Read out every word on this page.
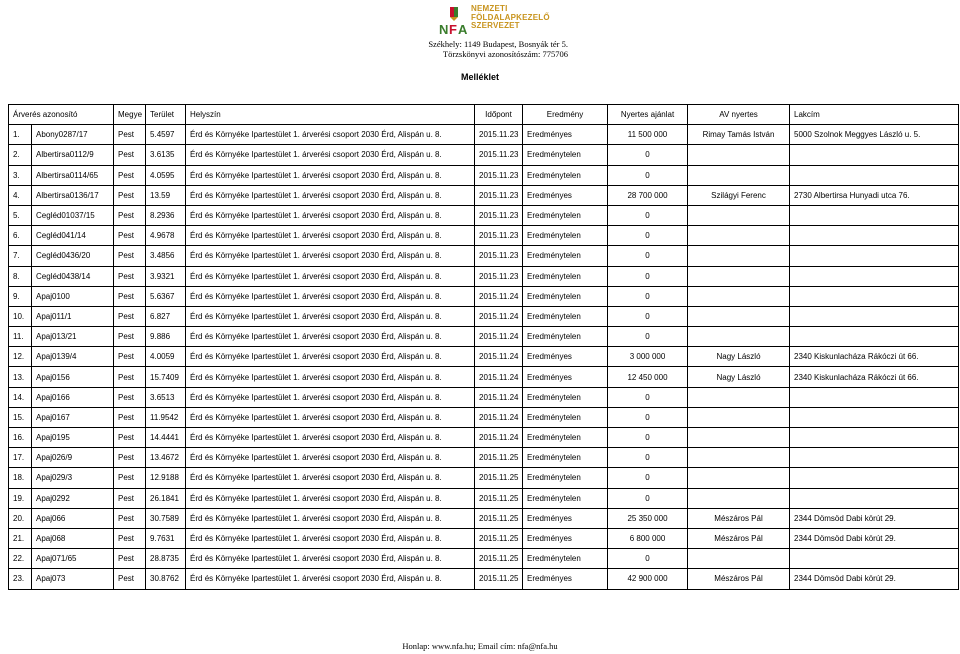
N F A
NEMZETI
FÖLDALAPKEZELŐ
SZERVEZET
Székhely: 1149 Budapest, Bosnyák tér 5.
Törzskönyvi azonosítószám: 775706
Melléklet
Árverés azonosító		Megye	Terület	Helyszín	Időpont	Eredmény	Nyertes ajánlat	AV nyertes	Lakcím
1.	Abony0287/17	Pest	5.4597	Érd és Környéke Ipartestület 1. árverési csoport 2030 Érd, Alispán u. 8.	2015.11.23	Eredményes	11 500 000	Rimay Tamás István	5000 Szolnok Meggyes László u. 5.
2.	Albertirsa0112/9	Pest	3.6135	Érd és Környéke Ipartestület 1. árverési csoport 2030 Érd, Alispán u. 8.	2015.11.23	Eredménytelen	0		
3.	Albertirsa0114/65	Pest	4.0595	Érd és Környéke Ipartestület 1. árverési csoport 2030 Érd, Alispán u. 8.	2015.11.23	Eredménytelen	0		
4.	Albertirsa0136/17	Pest	13.59	Érd és Környéke Ipartestület 1. árverési csoport 2030 Érd, Alispán u. 8.	2015.11.23	Eredményes	28 700 000	Szilágyi Ferenc	2730 Albertirsa Hunyadi utca 76.
5.	Cegléd01037/15	Pest	8.2936	Érd és Környéke Ipartestület 1. árverési csoport 2030 Érd, Alispán u. 8.	2015.11.23	Eredménytelen	0		
6.	Cegléd041/14	Pest	4.9678	Érd és Környéke Ipartestület 1. árverési csoport 2030 Érd, Alispán u. 8.	2015.11.23	Eredménytelen	0		
7.	Cegléd0436/20	Pest	3.4856	Érd és Környéke Ipartestület 1. árverési csoport 2030 Érd, Alispán u. 8.	2015.11.23	Eredménytelen	0		
8.	Cegléd0438/14	Pest	3.9321	Érd és Környéke Ipartestület 1. árverési csoport 2030 Érd, Alispán u. 8.	2015.11.23	Eredménytelen	0		
9.	Apaj0100	Pest	5.6367	Érd és Környéke Ipartestület 1. árverési csoport 2030 Érd, Alispán u. 8.	2015.11.24	Eredménytelen	0		
10.	Apaj011/1	Pest	6.827	Érd és Környéke Ipartestület 1. árverési csoport 2030 Érd, Alispán u. 8.	2015.11.24	Eredménytelen	0		
11.	Apaj013/21	Pest	9.886	Érd és Környéke Ipartestület 1. árverési csoport 2030 Érd, Alispán u. 8.	2015.11.24	Eredménytelen	0		
12.	Apaj0139/4	Pest	4.0059	Érd és Környéke Ipartestület 1. árverési csoport 2030 Érd, Alispán u. 8.	2015.11.24	Eredményes	3 000 000	Nagy László	2340 Kiskunlacháza Rákóczi út 66.
13.	Apaj0156	Pest	15.7409	Érd és Környéke Ipartestület 1. árverési csoport 2030 Érd, Alispán u. 8.	2015.11.24	Eredményes	12 450 000	Nagy László	2340 Kiskunlacháza Rákóczi út 66.
14.	Apaj0166	Pest	3.6513	Érd és Környéke Ipartestület 1. árverési csoport 2030 Érd, Alispán u. 8.	2015.11.24	Eredménytelen	0		
15.	Apaj0167	Pest	11.9542	Érd és Környéke Ipartestület 1. árverési csoport 2030 Érd, Alispán u. 8.	2015.11.24	Eredménytelen	0		
16.	Apaj0195	Pest	14.4441	Érd és Környéke Ipartestület 1. árverési csoport 2030 Érd, Alispán u. 8.	2015.11.24	Eredménytelen	0		
17.	Apaj026/9	Pest	13.4672	Érd és Környéke Ipartestület 1. árverési csoport 2030 Érd, Alispán u. 8.	2015.11.25	Eredménytelen	0		
18.	Apaj029/3	Pest	12.9188	Érd és Környéke Ipartestület 1. árverési csoport 2030 Érd, Alispán u. 8.	2015.11.25	Eredménytelen	0		
19.	Apaj0292	Pest	26.1841	Érd és Környéke Ipartestület 1. árverési csoport 2030 Érd, Alispán u. 8.	2015.11.25	Eredménytelen	0		
20.	Apaj066	Pest	30.7589	Érd és Környéke Ipartestület 1. árverési csoport 2030 Érd, Alispán u. 8.	2015.11.25	Eredményes	25 350 000	Mészáros Pál	2344 Dömsöd Dabi körút 29.
21.	Apaj068	Pest	9.7631	Érd és Környéke Ipartestület 1. árverési csoport 2030 Érd, Alispán u. 8.	2015.11.25	Eredményes	6 800 000	Mészáros Pál	2344 Dömsöd Dabi körút 29.
22.	Apaj071/65	Pest	28.8735	Érd és Környéke Ipartestület 1. árverési csoport 2030 Érd, Alispán u. 8.	2015.11.25	Eredménytelen	0		
23.	Apaj073	Pest	30.8762	Érd és Környéke Ipartestület 1. árverési csoport 2030 Érd, Alispán u. 8.	2015.11.25	Eredményes	42 900 000	Mészáros Pál	2344 Dömsöd Dabi körút 29.
Honlap: www.nfa.hu; Email cím: nfa@nfa.hu
